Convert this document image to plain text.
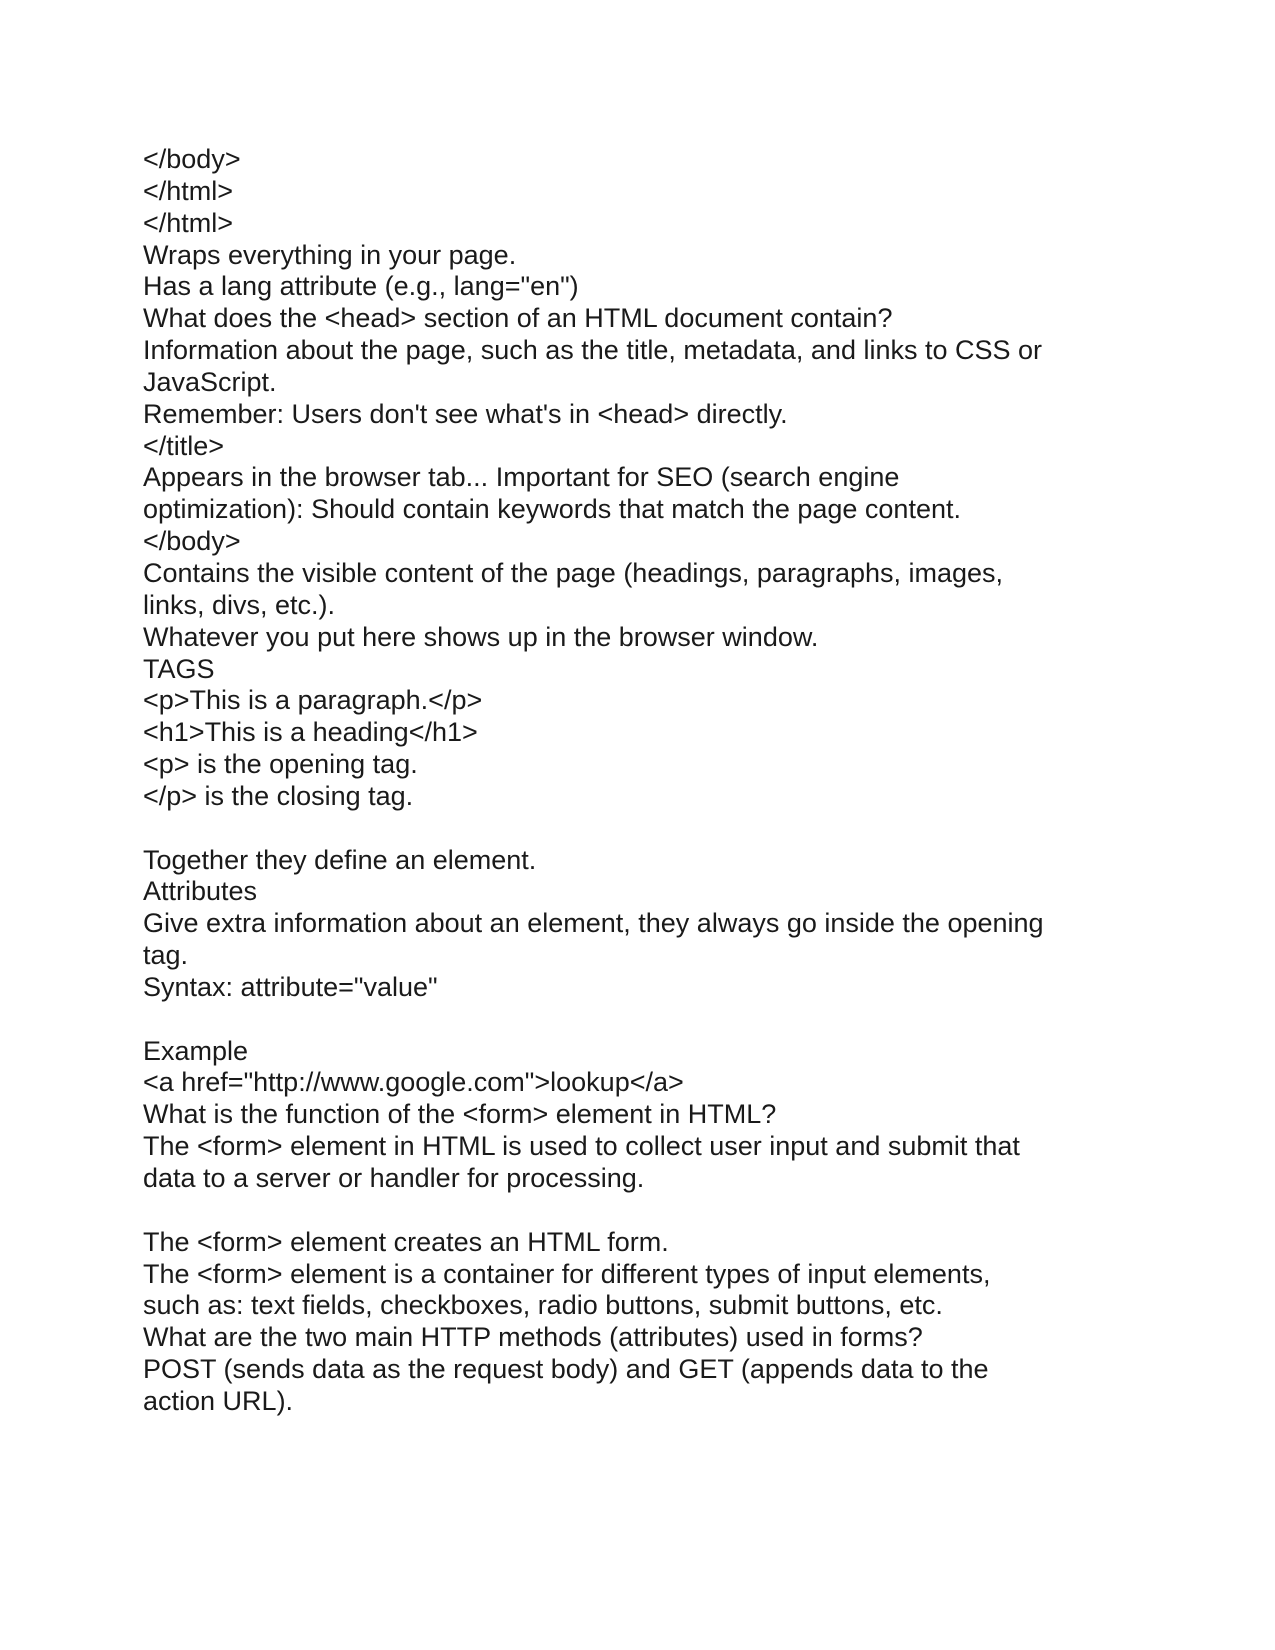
</body>
</html>
</html>
Wraps everything in your page.
Has a lang attribute (e.g., lang="en")
What does the <head> section of an HTML document contain?
Information about the page, such as the title, metadata, and links to CSS or
JavaScript.
Remember: Users don't see what's in <head> directly.
</title>
Appears in the browser tab... Important for SEO (search engine
optimization): Should contain keywords that match the page content.
</body>
Contains the visible content of the page (headings, paragraphs, images,
links, divs, etc.).
Whatever you put here shows up in the browser window.
TAGS
<p>This is a paragraph.</p>
<h1>This is a heading</h1>
<p> is the opening tag.
</p> is the closing tag.
Together they define an element.
Attributes
Give extra information about an element, they always go inside the opening
tag.
Syntax: attribute="value"
Example
<a href="http://www.google.com">lookup</a>
What is the function of the <form> element in HTML?
The <form> element in HTML is used to collect user input and submit that
data to a server or handler for processing.
The <form> element creates an HTML form.
The <form> element is a container for different types of input elements,
such as: text fields, checkboxes, radio buttons, submit buttons, etc.
What are the two main HTTP methods (attributes) used in forms?
POST (sends data as the request body) and GET (appends data to the
action URL).
